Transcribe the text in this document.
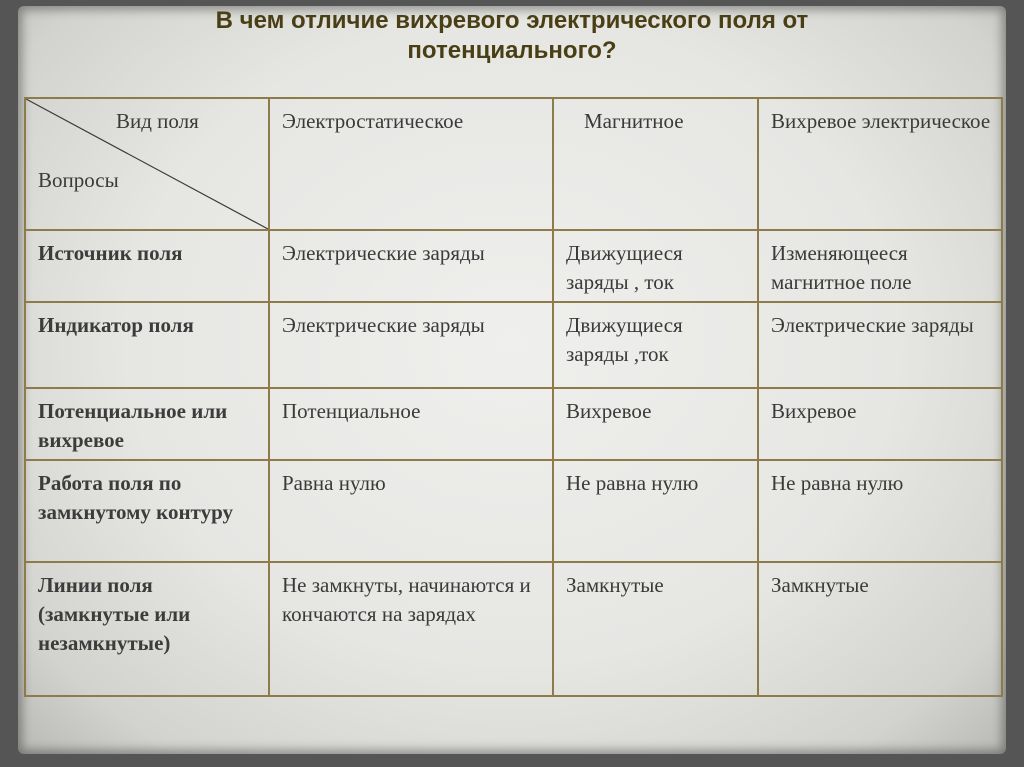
В чем отличие вихревого электрического поля от
потенциального?
Вид поля
Вопросы	Электростатическое	Магнитное	Вихревое электрическое
Источник поля	Электрические заряды	Движущиеся заряды , ток	Изменяющееся магнитное поле
Индикатор поля	Электрические заряды	Движущиеся заряды ,ток	Электрические заряды
Потенциальное или вихревое	Потенциальное	Вихревое	Вихревое
Работа поля по замкнутому контуру	Равна нулю	Не равна нулю	Не равна нулю
Линии поля (замкнутые или незамкнутые)	Не замкнуты, начинаются и кончаются на зарядах	Замкнутые	Замкнутые
